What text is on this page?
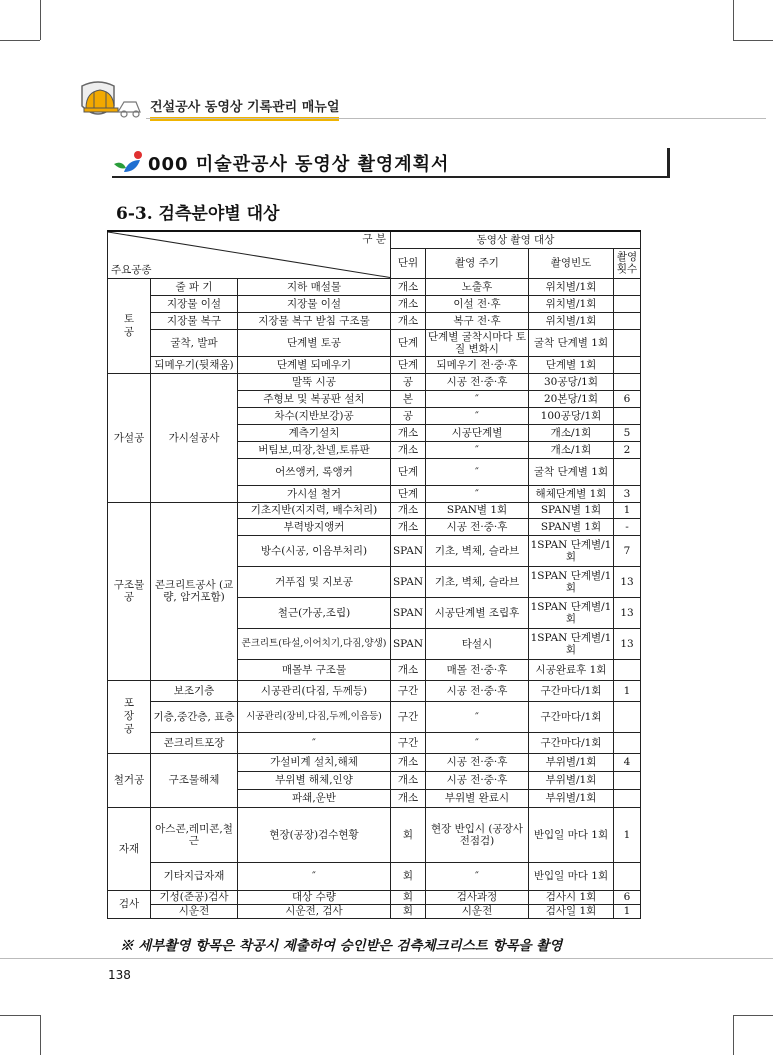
건설공사 동영상 기록관리 매뉴얼
000 미술관공사 동영상 촬영계획서
6-3. 검측분야별 대상
구 분
주요공종			동영상 촬영 대상			
			단위	촬영 주기	촬영빈도	촬영 횟수
토공	줄 파 기	지하 매설물	개소	노출후	위치별/1회	
	지장물 이설	지장물 이설	개소	이설 전·후	위치별/1회	
	지장물 복구	지장물 복구 받침 구조물	개소	복구 전·후	위치별/1회	
	굴착, 발파	단계별 토공	단계	단계별 굴착시마다 토질 변화시	굴착 단계별 1회	
	되메우기(뒷채움)	단계별 되메우기	단계	되메우기 전·중·후	단계별 1회	
가설공	가시설공사	말뚝 시공	공	시공 전·중·후	30공당/1회	
		주형보 및 복공판 설치	본	″	20본당/1회	6
		차수(지반보강)공	공	″	100공당/1회	
		계측기설치	개소	시공단계별	개소/1회	5
		버팀보,띠장,찬넬,토류판	개소	″	개소/1회	2
		어쓰앵커, 록앵커	단계	″	굴착 단계별 1회	
		가시설 철거	단계	″	해체단계별 1회	3
구조물 공	콘크리트공사 (교량, 암거포함)	기초지반(지지력, 배수처리)	개소	SPAN별 1회	SPAN별 1회	1
		부력방지앵커	개소	시공 전·중·후	SPAN별 1회	-
		방수(시공, 이음부처리)	SPAN	기초, 벽체, 슬라브	1SPAN 단계별/1회	7
		거푸집 및 지보공	SPAN	기초, 벽체, 슬라브	1SPAN 단계별/1회	13
		철근(가공,조립)	SPAN	시공단계별 조립후	1SPAN 단계별/1회	13
		콘크리트(타설,이어치기,다짐,양생)	SPAN	타설시	1SPAN 단계별/1회	13
		매몰부 구조물	개소	매몰 전·중·후	시공완료후 1회	
포장공	보조기층	시공관리(다짐, 두께등)	구간	시공 전·중·후	구간마다/1회	1
	기층,중간층, 표층	시공관리(장비,다짐,두께,이음등)	구간	″	구간마다/1회	
	콘크리트포장	″	구간	″	구간마다/1회	
철거공	구조물해체	가설비계 설치,해체	개소	시공 전·중·후	부위별/1회	4
		부위별 해체,인양	개소	시공 전·중·후	부위별/1회	
		파쇄,운반	개소	부위별 완료시	부위별/1회	
자재	아스콘,레미콘,철근	현장(공장)검수현황	회	현장 반입시 (공장사전점검)	반입일 마다 1회	1
	기타지급자재	″	회	″	반입일 마다 1회	
검사	기성(준공)검사	대상 수량	회	검사과정	검사시 1회	6
	시운전	시운전, 검사	회	시운전	검사일 1회	1
※ 세부촬영 항목은 착공시 제출하여 승인받은 검측체크리스트 항목을 촬영
138
